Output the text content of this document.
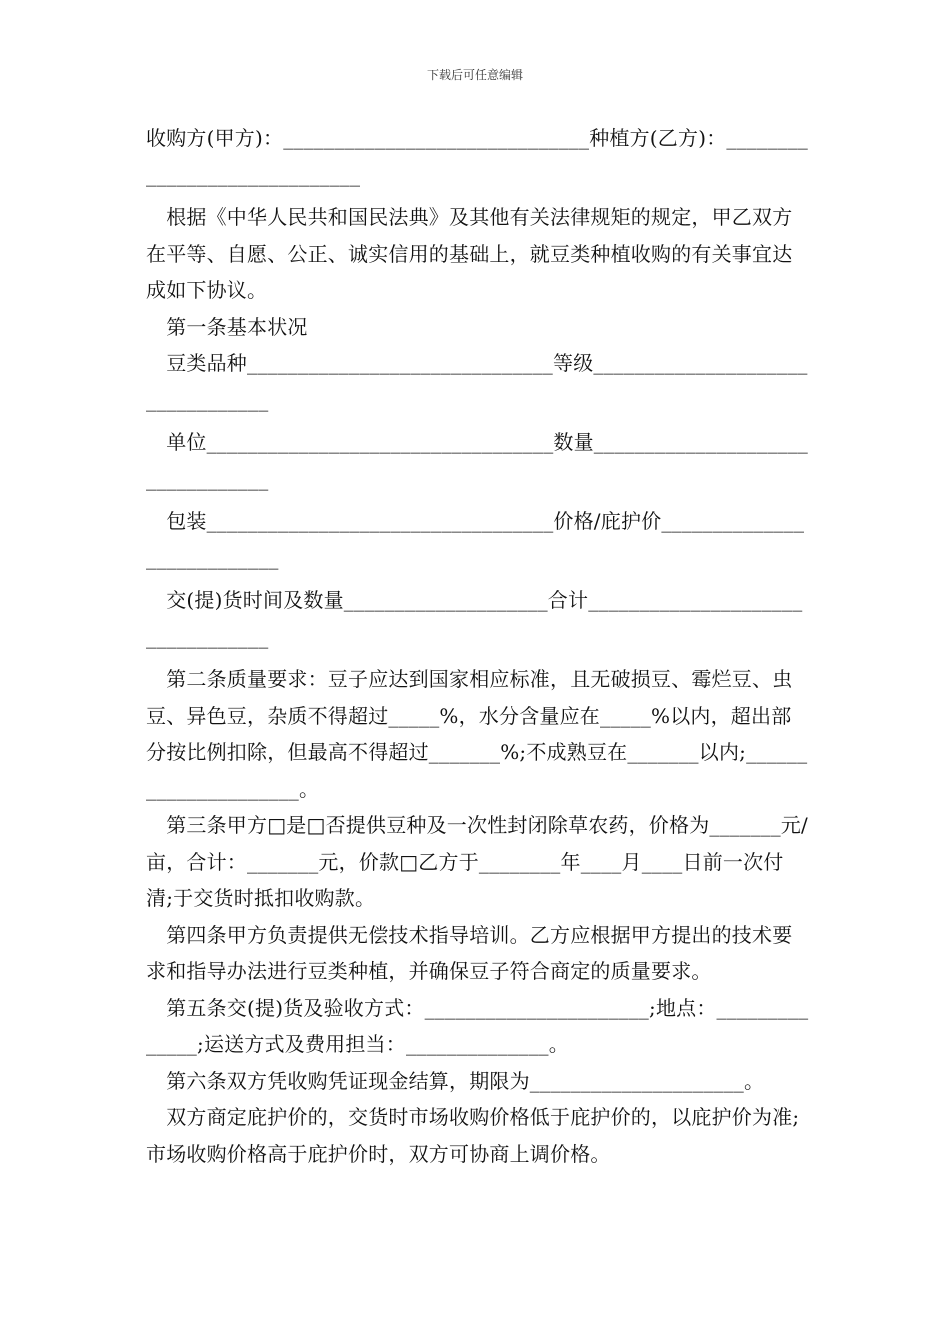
下载后可任意编辑

收购方(甲方)：______________________________种植方(乙方)：_____________________________

　根据《中华人民共和国民法典》及其他有关法律规矩的规定，甲乙双方在平等、自愿、公正、诚实信用的基础上，就豆类种植收购的有关事宜达成如下协议。

　第一条基本状况

　豆类品种______________________________等级_________________________________

　单位__________________________________数量_________________________________

　包装__________________________________价格/庇护价___________________________

　交(提)货时间及数量____________________合计_________________________________

　第二条质量要求：豆子应达到国家相应标准，且无破损豆、霉烂豆、虫豆、异色豆，杂质不得超过_____%，水分含量应在_____%以内，超出部分按比例扣除，但最高不得超过_______%;不成熟豆在_______以内;_____________________。

　第三条甲方□是□否提供豆种及一次性封闭除草农药，价格为_______元/亩，合计：_______元，价款□乙方于________年____月____日前一次付清;于交货时抵扣收购款。

　第四条甲方负责提供无偿技术指导培训。乙方应根据甲方提出的技术要求和指导办法进行豆类种植，并确保豆子符合商定的质量要求。

　第五条交(提)货及验收方式：______________________;地点：______________;运送方式及费用担当：______________。

　第六条双方凭收购凭证现金结算，期限为_____________________。

　双方商定庇护价的，交货时市场收购价格低于庇护价的，以庇护价为准;市场收购价格高于庇护价时，双方可协商上调价格。
